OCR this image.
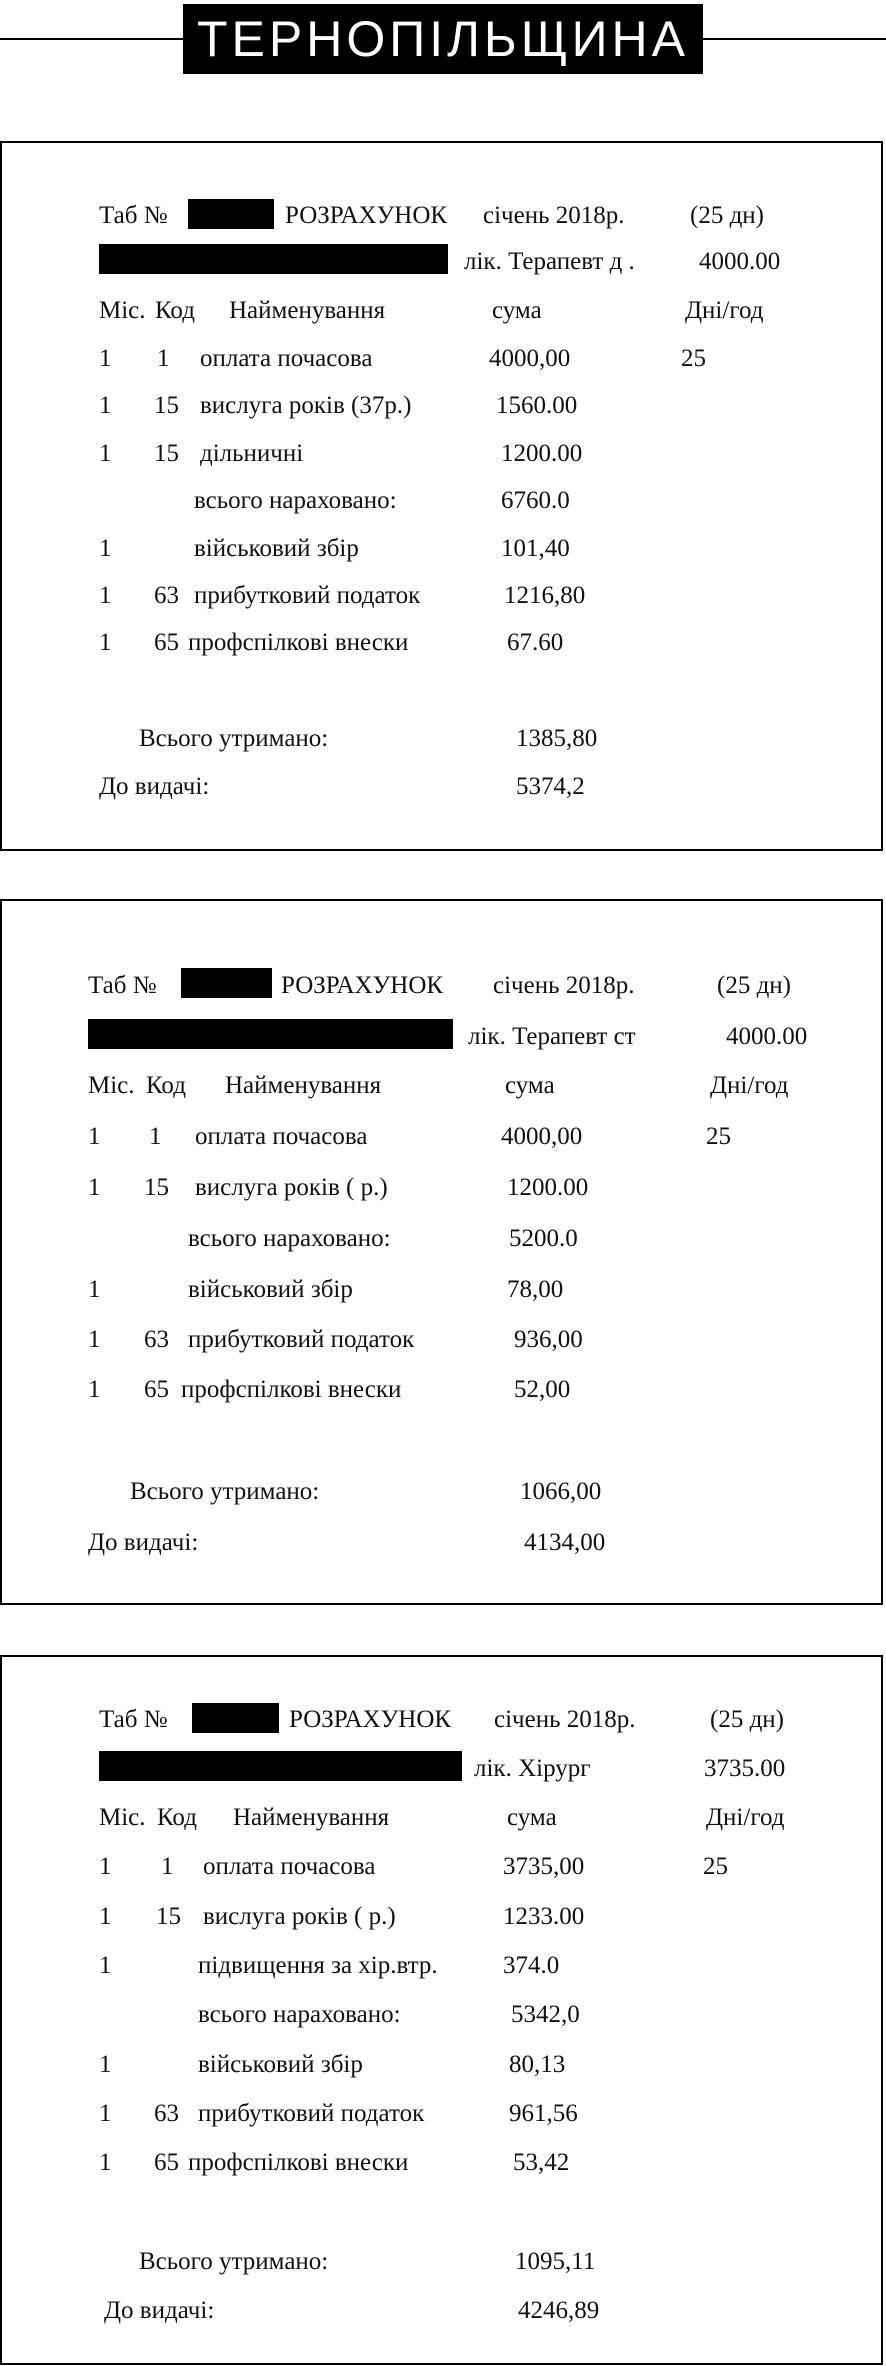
ТЕРНОПІЛЬЩИНА
Таб №	РОЗРАХУНОК січень 2018р.	(25 дн)
лік. Терапевт д .	4000.00
Міс. Код Найменування	сума	Дні/год
1 1 оплата почасова	4000,00	25
1 15 вислуга років (37р.)	1560.00
1 15 дільничні	1200.00
всього нараховано:	6760.0
1	військовий збір	101,40
1 63 прибутковий податок	1216,80
1 65 профспілкові внески	67.60
Всього утримано:	1385,80
До видачі:	5374,2
Таб №	РОЗРАХУНОК січень 2018р.	(25 дн)
лік. Терапевт ст	4000.00
Міс. Код Найменування	сума	Дні/год
1 1 оплата почасова	4000,00	25
1 15 вислуга років ( р.)	1200.00
всього нараховано:	5200.0
1	військовий збір	78,00
1 63 прибутковий податок	936,00
1 65 профспілкові внески	52,00
Всього утримано:	1066,00
До видачі:	4134,00
Таб №	РОЗРАХУНОК січень 2018р.	(25 дн)
лік. Хірург	3735.00
Міс. Код Найменування	сума	Дні/год
1 1 оплата почасова	3735,00	25
1 15 вислуга років ( р.)	1233.00
1	підвищення за хір.втр.	374.0
всього нараховано:	5342,0
1	військовий збір	80,13
1 63 прибутковий податок	961,56
1 65 профспілкові внески	53,42
Всього утримано:	1095,11
До видачі:	4246,89
